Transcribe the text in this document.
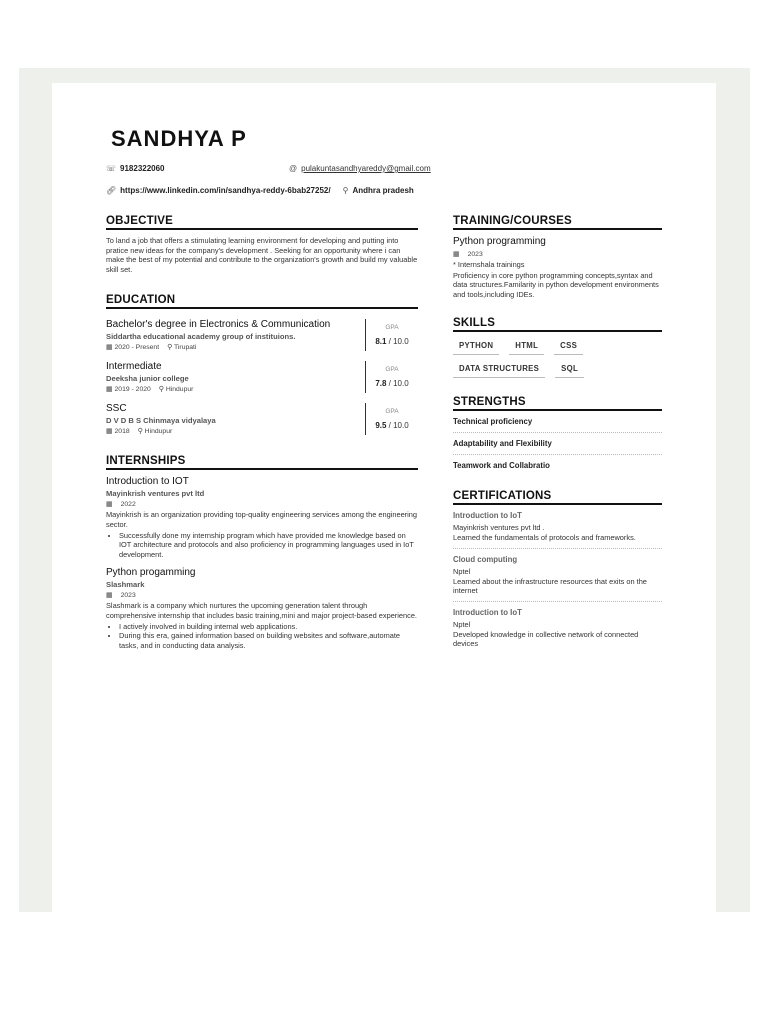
SANDHYA P
☏ 9182322060	@ pulakuntasandhyareddy@gmail.com
🔗︎ https://www.linkedin.com/in/sandhya-reddy-6bab27252/ ⚲ Andhra pradesh
OBJECTIVE

To land a job that offers a stimulating learning environment for developing and putting into pratice new ideas for the company's development . Seeking for an opportunity where i can make the best of my potential and contribute to the organization's growth and build my valuable skill set.

EDUCATION
Bachelor's degree in Electronics & Communication
Siddartha educational academy group of instituions.
▦ 2020 - Present ⚲ Tirupati
GPA
8.1 / 10.0
Intermediate
Deeksha junior college
▦ 2019 - 2020 ⚲ Hindupur
GPA
7.8 / 10.0
SSC
D V D B S Chinmaya vidyalaya
▦ 2018 ⚲ Hindupur
GPA
9.5 / 10.0
INTERNSHIPS
Introduction to IOT
Mayinkrish ventures pvt ltd
▦ 2022

Mayinkrish is an organization providing top-quality engineering services among the engineering sector.

• Successfully done my internship program which have provided me knowledge based on IOT architecture and protocols and also proficiency in programming languages used in IoT development.
Python progamming
Slashmark
▦ 2023

Slashmark is a company which nurtures the upcoming generation talent through comprehensive internship that includes basic training,mini and major project-based experience.

• I actively involved in building internal web applications.
• During this era, gained information based on building websites and software,automate tasks, and in conducting data analysis.
TRAINING/COURSES
Python programming
▦ 2023
* Internshala trainings

Proficiency in core python programming concepts,syntax and data structures.Familarity in python development environments and tools,including IDEs.

SKILLS
PYTHON	HTML	CSS
DATA STRUCTURES	SQL
STRENGTHS
Technical proficiency
Adaptability and Flexibility
Teamwork and Collabratio
CERTIFICATIONS
Introduction to IoT
Mayinkrish ventures pvt ltd .
Learned the fundamentals of protocols and frameworks.
Cloud computing
Nptel
Learned about the infrastructure resources that exits on the internet
Introduction to IoT
Nptel
Developed knowledge in collective network of connected devices
